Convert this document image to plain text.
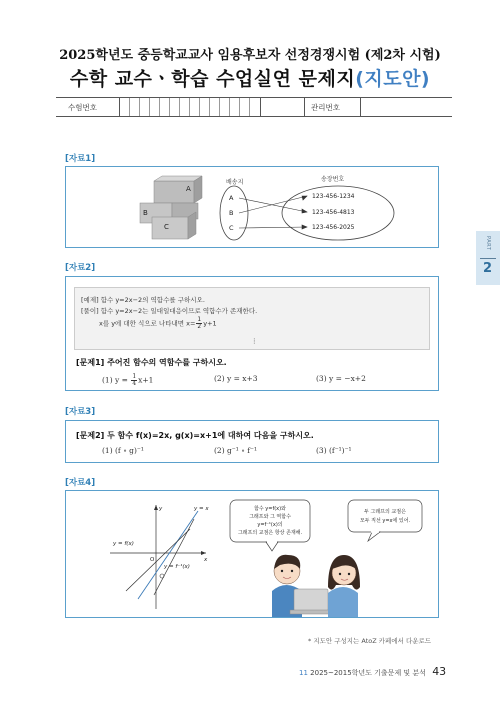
2025학년도 중등학교교사 임용후보자 선정경쟁시험 (제2차 시험)
수학 교수ㆍ학습 수업실연 문제지(지도안)
수험번호	관리번호
PART
2
[자료1]
A
B
C
배송지	송장번호
A
B
C
123-456-1234
123-456-4813
123-456-2025
[자료2]
[예제] 함수 y=2x−2의 역함수를 구하시오.
[풀이] 함수 y=2x−2는 일대일대응이므로 역함수가 존재한다.
x를 y에 대한 식으로 나타내면 $x= \frac{1}{2} y+1$
⋮
[문제1] 주어진 함수의 역함수를 구하시오.
(1) $y = \frac{1}{4} x+1$	(2) y = x+3	(3) y = −x+2
[자료3]
[문제2] 두 함수 f(x)=2x, g(x)=x+1에 대하여 다음을 구하시오.
(1) (f ∘ g)⁻¹	(2) g⁻¹ ∘ f⁻¹	(3) (f⁻¹)⁻¹
[자료4]
y = x
y = f(x)
y = f⁻¹(x)
x
y
O
함수 y=f(x)와
그래프와 그 역함수
y=f⁻¹(x)의
그래프의 교점은 항상 존재해.
두 그래프의 교점은
모두 직선 y=x에 있어.
* 지도안 구성지는 AtoZ 카페에서 다운로드
11 2025~2015학년도 기출문제 및 분석 43
